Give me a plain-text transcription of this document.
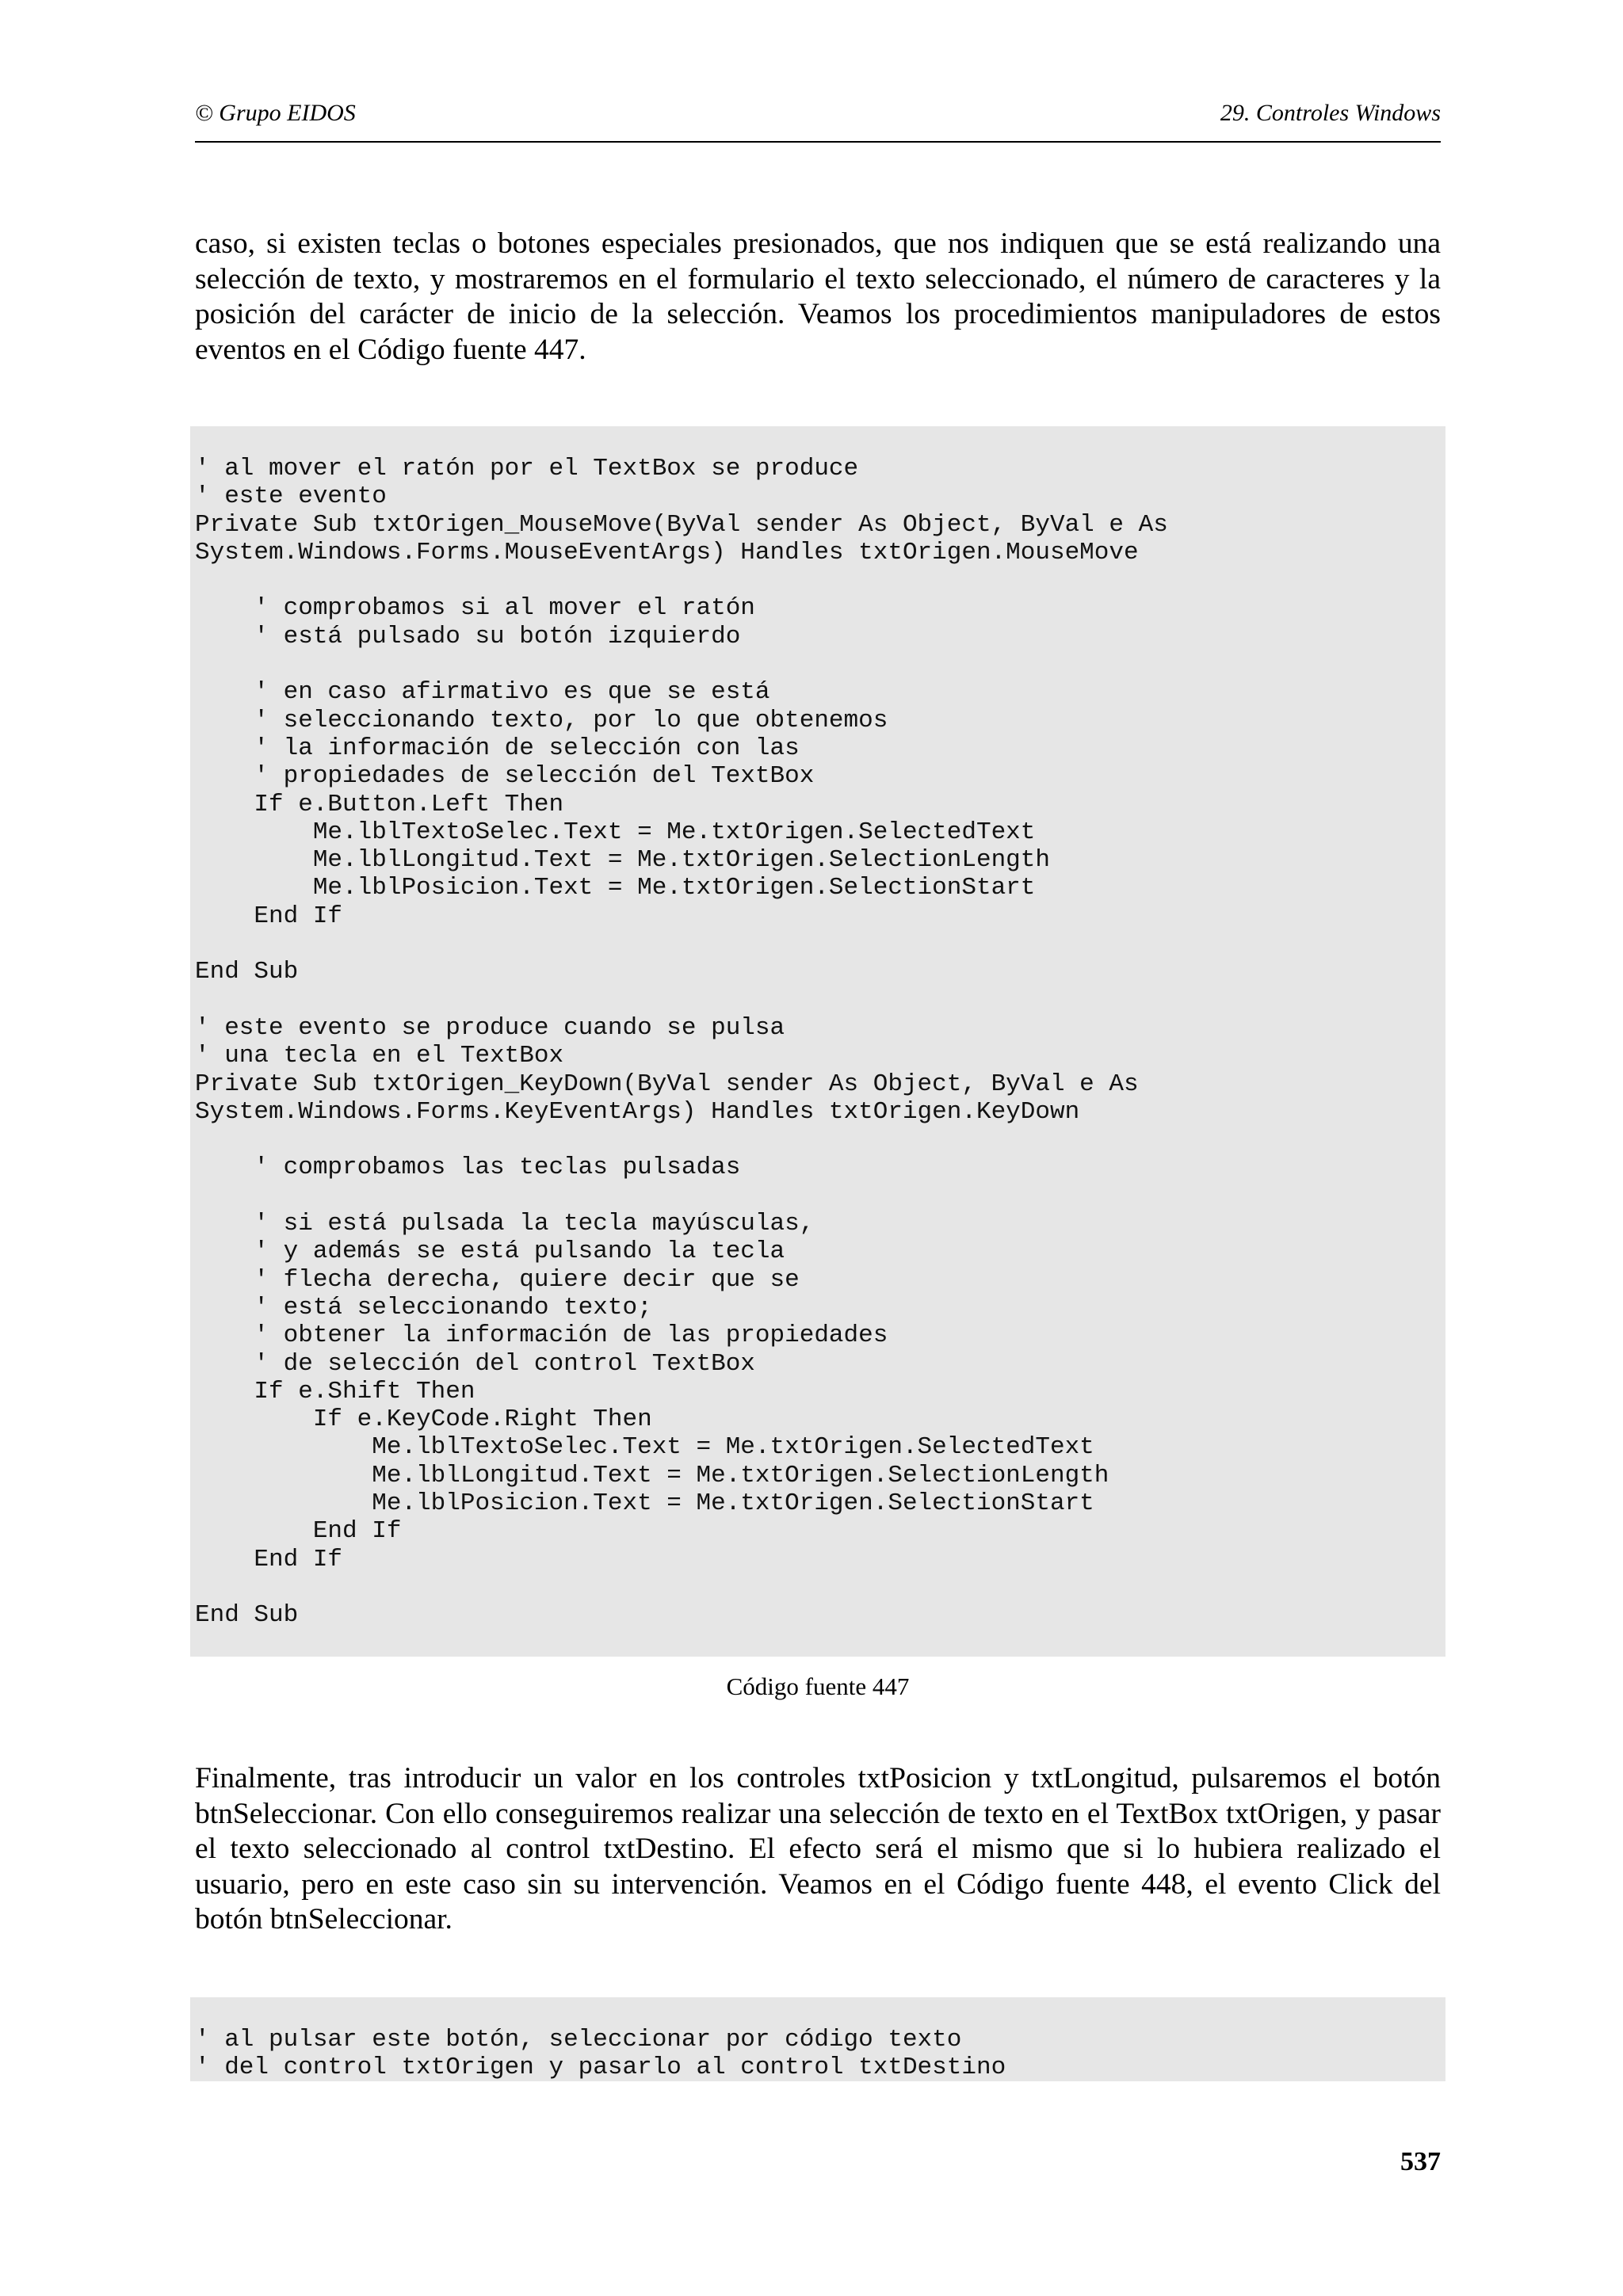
© Grupo EIDOS	29. Controles Windows

caso, si existen teclas o botones especiales presionados, que nos indiquen que se está realizando una selección de texto, y mostraremos en el formulario el texto seleccionado, el número de caracteres y la posición del carácter de inicio de la selección. Veamos los procedimientos manipuladores de estos eventos en el Código fuente 447.

' al mover el ratón por el TextBox se produce
' este evento
Private Sub txtOrigen_MouseMove(ByVal sender As Object, ByVal e As
System.Windows.Forms.MouseEventArgs) Handles txtOrigen.MouseMove
' comprobamos si al mover el ratón
' está pulsado su botón izquierdo
' en caso afirmativo es que se está
' seleccionando texto, por lo que obtenemos
' la información de selección con las
' propiedades de selección del TextBox
If e.Button.Left Then
Me.lblTextoSelec.Text = Me.txtOrigen.SelectedText
Me.lblLongitud.Text = Me.txtOrigen.SelectionLength
Me.lblPosicion.Text = Me.txtOrigen.SelectionStart
End If
End Sub
' este evento se produce cuando se pulsa
' una tecla en el TextBox
Private Sub txtOrigen_KeyDown(ByVal sender As Object, ByVal e As
System.Windows.Forms.KeyEventArgs) Handles txtOrigen.KeyDown
' comprobamos las teclas pulsadas
' si está pulsada la tecla mayúsculas,
' y además se está pulsando la tecla
' flecha derecha, quiere decir que se
' está seleccionando texto;
' obtener la información de las propiedades
' de selección del control TextBox
If e.Shift Then
If e.KeyCode.Right Then
Me.lblTextoSelec.Text = Me.txtOrigen.SelectedText
Me.lblLongitud.Text = Me.txtOrigen.SelectionLength
Me.lblPosicion.Text = Me.txtOrigen.SelectionStart
End If
End If
End Sub
Código fuente 447

Finalmente, tras introducir un valor en los controles txtPosicion y txtLongitud, pulsaremos el botón btnSeleccionar. Con ello conseguiremos realizar una selección de texto en el TextBox txtOrigen, y pasar el texto seleccionado al control txtDestino. El efecto será el mismo que si lo hubiera realizado el usuario, pero en este caso sin su intervención. Veamos en el Código fuente 448, el evento Click del botón btnSeleccionar.

' al pulsar este botón, seleccionar por código texto
' del control txtOrigen y pasarlo al control txtDestino
537
